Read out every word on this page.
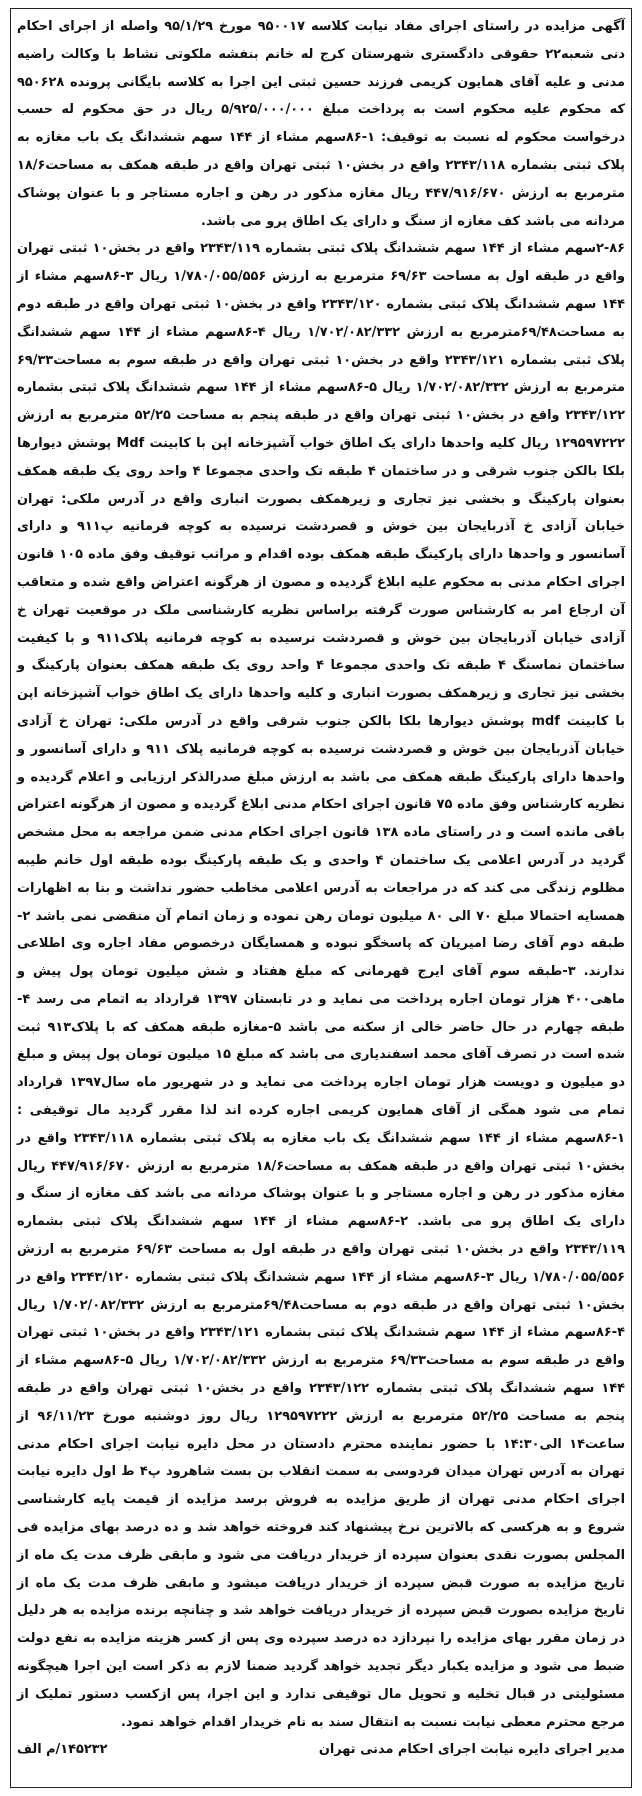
آگهی مزایده در راستای اجرای مفاد نیابت کلاسه ۹۵۰۰۱۷ مورخ ۹۵/۱/۲۹ واصله از اجرای احکام دنی شعبه۲۲ حقوقی دادگستری شهرستان کرج له خانم بنفشه ملکوتی نشاط با وکالت راضیه مدنی و علیه آقای همایون کریمی فرزند حسین ثبتی این اجرا به کلاسه بایگانی پرونده ۹۵۰۶۲۸ که محکوم علیه محکوم است به پرداخت مبلغ ۵/۹۲۵/۰۰۰/۰۰۰ ریال در حق محکوم له حسب درخواست محکوم له نسبت به توقیف: ۱-۸۶سهم مشاء از ۱۴۴ سهم ششدانگ یک باب مغازه به پلاک ثبتی بشماره ۲۳۴۳/۱۱۸ واقع در بخش۱۰ ثبتی تهران واقع در طبقه همکف به مساحت۱۸/۶ مترمربع به ارزش ۴۴۷/۹۱۶/۶۷۰ ریال مغازه مذکور در رهن و اجاره مستاجر و با عنوان پوشاک مردانه می باشد کف مغازه از سنگ و دارای یک اطاق پرو می باشد.

۲-۸۶سهم مشاء از ۱۴۴ سهم ششدانگ پلاک ثبتی بشماره ۲۳۴۳/۱۱۹ واقع در بخش۱۰ ثبتی تهران واقع در طبقه اول به مساحت ۶۹/۶۳ مترمربع به ارزش ۱/۷۸۰/۰۵۵/۵۵۶ ریال ۳-۸۶سهم مشاء از ۱۴۴ سهم ششدانگ پلاک ثبتی بشماره ۲۳۴۳/۱۲۰ واقع در بخش۱۰ ثبتی تهران واقع در طبقه دوم به مساحت۶۹/۴۸مترمربع به ارزش ۱/۷۰۲/۰۸۲/۳۳۲ ریال ۴-۸۶سهم مشاء از ۱۴۴ سهم ششدانگ پلاک ثبتی بشماره ۲۳۴۳/۱۲۱ واقع در بخش۱۰ ثبتی تهران واقع در طبقه سوم به مساحت۶۹/۳۳ مترمربع به ارزش ۱/۷۰۲/۰۸۲/۳۳۲ ریال ۵-۸۶سهم مشاء از ۱۴۴ سهم ششدانگ پلاک ثبتی بشماره ۲۳۴۳/۱۲۲ واقع در بخش۱۰ ثبتی تهران واقع در طبقه پنجم به مساحت ۵۲/۲۵ مترمربع به ارزش ۱۲۹۵۹۷۲۲۲ ریال کلیه واحدها دارای یک اطاق خواب آشپزخانه اپن با کابینت Mdf پوشش دیوارها بلکا بالکن جنوب شرقی و در ساختمان ۴ طبقه تک واحدی مجموعا ۴ واحد روی یک طبقه همکف بعنوان پارکینگ و بخشی نیز تجاری و زیرهمکف بصورت انباری واقع در آدرس ملکی: تهران خیابان آزادی خ آذربایجان بین خوش و قصردشت نرسیده به کوچه فرمانیه پ۹۱۱ و دارای آسانسور و واحدها دارای پارکینگ طبقه همکف بوده اقدام و مراتب توقیف وفق ماده ۱۰۵ قانون اجرای احکام مدنی به محکوم علیه ابلاغ گردیده و مصون از هرگونه اعتراض واقع شده و متعاقب آن ارجاع امر به کارشناس صورت گرفته براساس نظریه کارشناسی ملک در موقعیت تهران خ آزادی خیابان آذربایجان بین خوش و قصردشت نرسیده به کوچه فرمانیه پلاک۹۱۱ و با کیفیت ساختمان نماسنگ ۴ طبقه تک واحدی مجموعا ۴ واحد روی یک طبقه همکف بعنوان پارکینگ و بخشی نیز تجاری و زیرهمکف بصورت انباری و کلیه واحدها دارای یک اطاق خواب آشپزخانه اپن با کابینت mdf پوشش دیوارها بلکا بالکن جنوب شرقی واقع در آدرس ملکی: تهران خ آزادی خیابان آذربایجان بین خوش و قصردشت نرسیده به کوچه فرمانیه پلاک ۹۱۱ و دارای آسانسور و واحدها دارای پارکینگ طبقه همکف می باشد به ارزش مبلغ صدرالذکر ارزیابی و اعلام گردیده و نظریه کارشناس وفق ماده ۷۵ قانون اجرای احکام مدنی ابلاغ گردیده و مصون از هرگونه اعتراض باقی مانده است و در راستای ماده ۱۳۸ قانون اجرای احکام مدنی ضمن مراجعه به محل مشخص گردید در آدرس اعلامی یک ساختمان ۴ واحدی و یک طبقه پارکینگ بوده طبقه اول خانم طیبه مظلوم زندگی می کند که در مراجعات به آدرس اعلامی مخاطب حضور نداشت و بنا به اظهارات همسایه احتمالا مبلغ ۷۰ الی ۸۰ میلیون تومان رهن نموده و زمان اتمام آن منقضی نمی باشد ۲- طبقه دوم آقای رضا امیریان که پاسخگو نبوده و همسایگان درخصوص مفاد اجاره وی اطلاعی ندارند. ۳-طبقه سوم آقای ایرج قهرمانی که مبلغ هفتاد و شش میلیون تومان پول پیش و ماهی۴۰۰ هزار تومان اجاره پرداخت می نماید و در تابستان ۱۳۹۷ قرارداد به اتمام می رسد ۴- طبقه چهارم در حال حاضر خالی از سکنه می باشد ۵-مغازه طبقه همکف که با پلاک۹۱۳ ثبت شده است در تصرف آقای محمد اسفندیاری می باشد که مبلغ ۱۵ میلیون تومان پول پیش و مبلغ دو میلیون و دویست هزار تومان اجاره پرداخت می نماید و در شهریور ماه سال۱۳۹۷ قرارداد تمام می شود همگی از آقای همایون کریمی اجاره کرده اند لذا مقرر گردید مال توقیفی : ۱-۸۶سهم مشاء از ۱۴۴ سهم ششدانگ یک باب مغازه به پلاک ثبتی بشماره ۲۳۴۳/۱۱۸ واقع در بخش۱۰ ثبتی تهران واقع در طبقه همکف به مساحت۱۸/۶ مترمربع به ارزش ۴۴۷/۹۱۶/۶۷۰ ریال مغازه مذکور در رهن و اجاره مستاجر و با عنوان پوشاک مردانه می باشد کف مغازه از سنگ و دارای یک اطاق پرو می باشد. ۲-۸۶سهم مشاء از ۱۴۴ سهم ششدانگ پلاک ثبتی بشماره ۲۳۴۳/۱۱۹ واقع در بخش۱۰ ثبتی تهران واقع در طبقه اول به مساحت ۶۹/۶۳ مترمربع به ارزش ۱/۷۸۰/۰۵۵/۵۵۶ ریال ۳-۸۶سهم مشاء از ۱۴۴ سهم ششدانگ پلاک ثبتی بشماره ۲۳۴۳/۱۲۰ واقع در بخش۱۰ ثبتی تهران واقع در طبقه دوم به مساحت۶۹/۴۸مترمربع به ارزش ۱/۷۰۲/۰۸۲/۳۳۲ ریال ۴-۸۶سهم مشاء از ۱۴۴ سهم ششدانگ پلاک ثبتی بشماره ۲۳۴۳/۱۲۱ واقع در بخش۱۰ ثبتی تهران واقع در طبقه سوم به مساحت۶۹/۳۳ مترمربع به ارزش ۱/۷۰۲/۰۸۲/۳۳۲ ریال ۵-۸۶سهم مشاء از ۱۴۴ سهم ششدانگ پلاک ثبتی بشماره ۲۳۴۳/۱۲۲ واقع در بخش۱۰ ثبتی تهران واقع در طبقه پنجم به مساحت ۵۲/۲۵ مترمربع به ارزش ۱۲۹۵۹۷۲۲۲ ریال روز دوشنبه مورخ ۹۶/۱۱/۲۳ از ساعت۱۴ الی۱۴:۳۰ با حضور نماینده محترم دادستان در محل دایره نیابت اجرای احکام مدنی تهران به آدرس تهران میدان فردوسی به سمت انقلاب بن بست شاهرود پ۴ ط اول دایره نیابت اجرای احکام مدنی تهران از طریق مزایده به فروش برسد مزایده از قیمت پایه کارشناسی شروع و به هرکسی که بالاترین نرخ پیشنهاد کند فروخته خواهد شد و ده درصد بهای مزایده فی المجلس بصورت نقدی بعنوان سپرده از خریدار دریافت می شود و مابقی ظرف مدت یک ماه از تاریخ مزایده به صورت قبض سپرده از خریدار دریافت میشود و مابقی ظرف مدت یک ماه از تاریخ مزایده بصورت قبض سپرده از خریدار دریافت خواهد شد و چنانچه برنده مزایده به هر دلیل در زمان مقرر بهای مزایده را نپردازد ده درصد سپرده وی پس از کسر هزینه مزایده به نفع دولت ضبط می شود و مزایده یکبار دیگر تجدید خواهد گردید ضمنا لازم به ذکر است این اجرا هیچگونه مسئولیتی در قبال تخلیه و تحویل مال توقیفی ندارد و این اجرا، پس ازکسب دستور تملیک از مرجع محترم معطی نیابت نسبت به انتقال سند به نام خریدار اقدام خواهد نمود.

مدیر اجرای دایره نیابت اجرای احکام مدنی تهران
۱۴۵۲۳۲/م الف
